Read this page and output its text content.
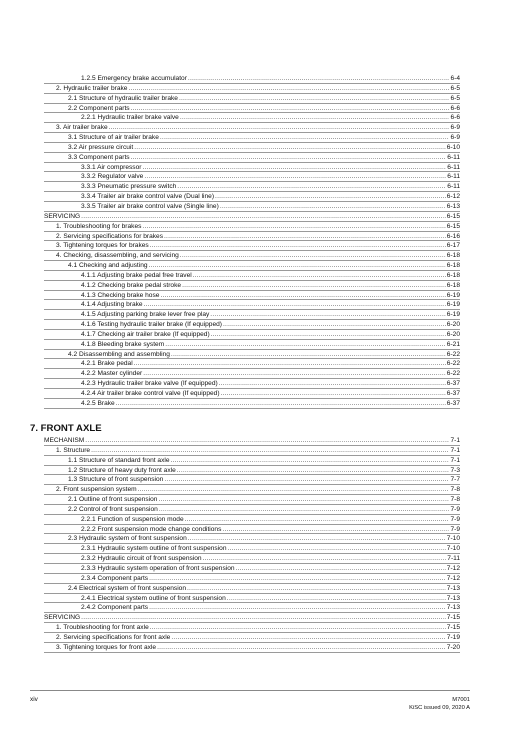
1.2.5 Emergency brake accumulator .....	6-4
2. Hydraulic trailer brake .....	6-5
2.1 Structure of hydraulic trailer brake .....	6-5
2.2 Component parts .....	6-6
2.2.1 Hydraulic trailer brake valve .....	6-6
3. Air trailer brake .....	6-9
3.1 Structure of air trailer brake .....	6-9
3.2 Air pressure circuit .....	6-10
3.3 Component parts .....	6-11
3.3.1 Air compressor .....	6-11
3.3.2 Regulator valve .....	6-11
3.3.3 Pneumatic pressure switch .....	6-11
3.3.4 Trailer air brake control valve (Dual line) .....	6-12
3.3.5 Trailer air brake control valve (Single line) .....	6-13
SERVICING .....	6-15
1. Troubleshooting for brakes .....	6-15
2. Servicing specifications for brakes .....	6-16
3. Tightening torques for brakes .....	6-17
4. Checking, disassembling, and servicing .....	6-18
4.1 Checking and adjusting .....	6-18
4.1.1 Adjusting brake pedal free travel .....	6-18
4.1.2 Checking brake pedal stroke .....	6-18
4.1.3 Checking brake hose .....	6-19
4.1.4 Adjusting brake .....	6-19
4.1.5 Adjusting parking brake lever free play .....	6-19
4.1.6 Testing hydraulic trailer brake (If equipped) .....	6-20
4.1.7 Checking air trailer brake (If equipped) .....	6-20
4.1.8 Bleeding brake system .....	6-21
4.2 Disassembling and assembling .....	6-22
4.2.1 Brake pedal .....	6-22
4.2.2 Master cylinder .....	6-22
4.2.3 Hydraulic trailer brake valve (If equipped) .....	6-37
4.2.4 Air trailer brake control valve (If equipped) .....	6-37
4.2.5 Brake .....	6-37
7. FRONT AXLE
MECHANISM .....	7-1
1. Structure .....	7-1
1.1 Structure of standard front axle .....	7-1
1.2 Structure of heavy duty front axle .....	7-3
1.3 Structure of front suspension .....	7-7
2. Front suspension system .....	7-8
2.1 Outline of front suspension .....	7-8
2.2 Control of front suspension .....	7-9
2.2.1 Function of suspension mode .....	7-9
2.2.2 Front suspension mode change conditions .....	7-9
2.3 Hydraulic system of front suspension .....	7-10
2.3.1 Hydraulic system outline of front suspension .....	7-10
2.3.2 Hydraulic circuit of front suspension .....	7-11
2.3.3 Hydraulic system operation of front suspension .....	7-12
2.3.4 Component parts .....	7-12
2.4 Electrical system of front suspension .....	7-13
2.4.1 Electrical system outline of front suspension .....	7-13
2.4.2 Component parts .....	7-13
SERVICING .....	7-15
1. Troubleshooting for front axle .....	7-15
2. Servicing specifications for front axle .....	7-19
3. Tightening torques for front axle .....	7-20
xiv	M7001
KiSC issued 09, 2020 A
